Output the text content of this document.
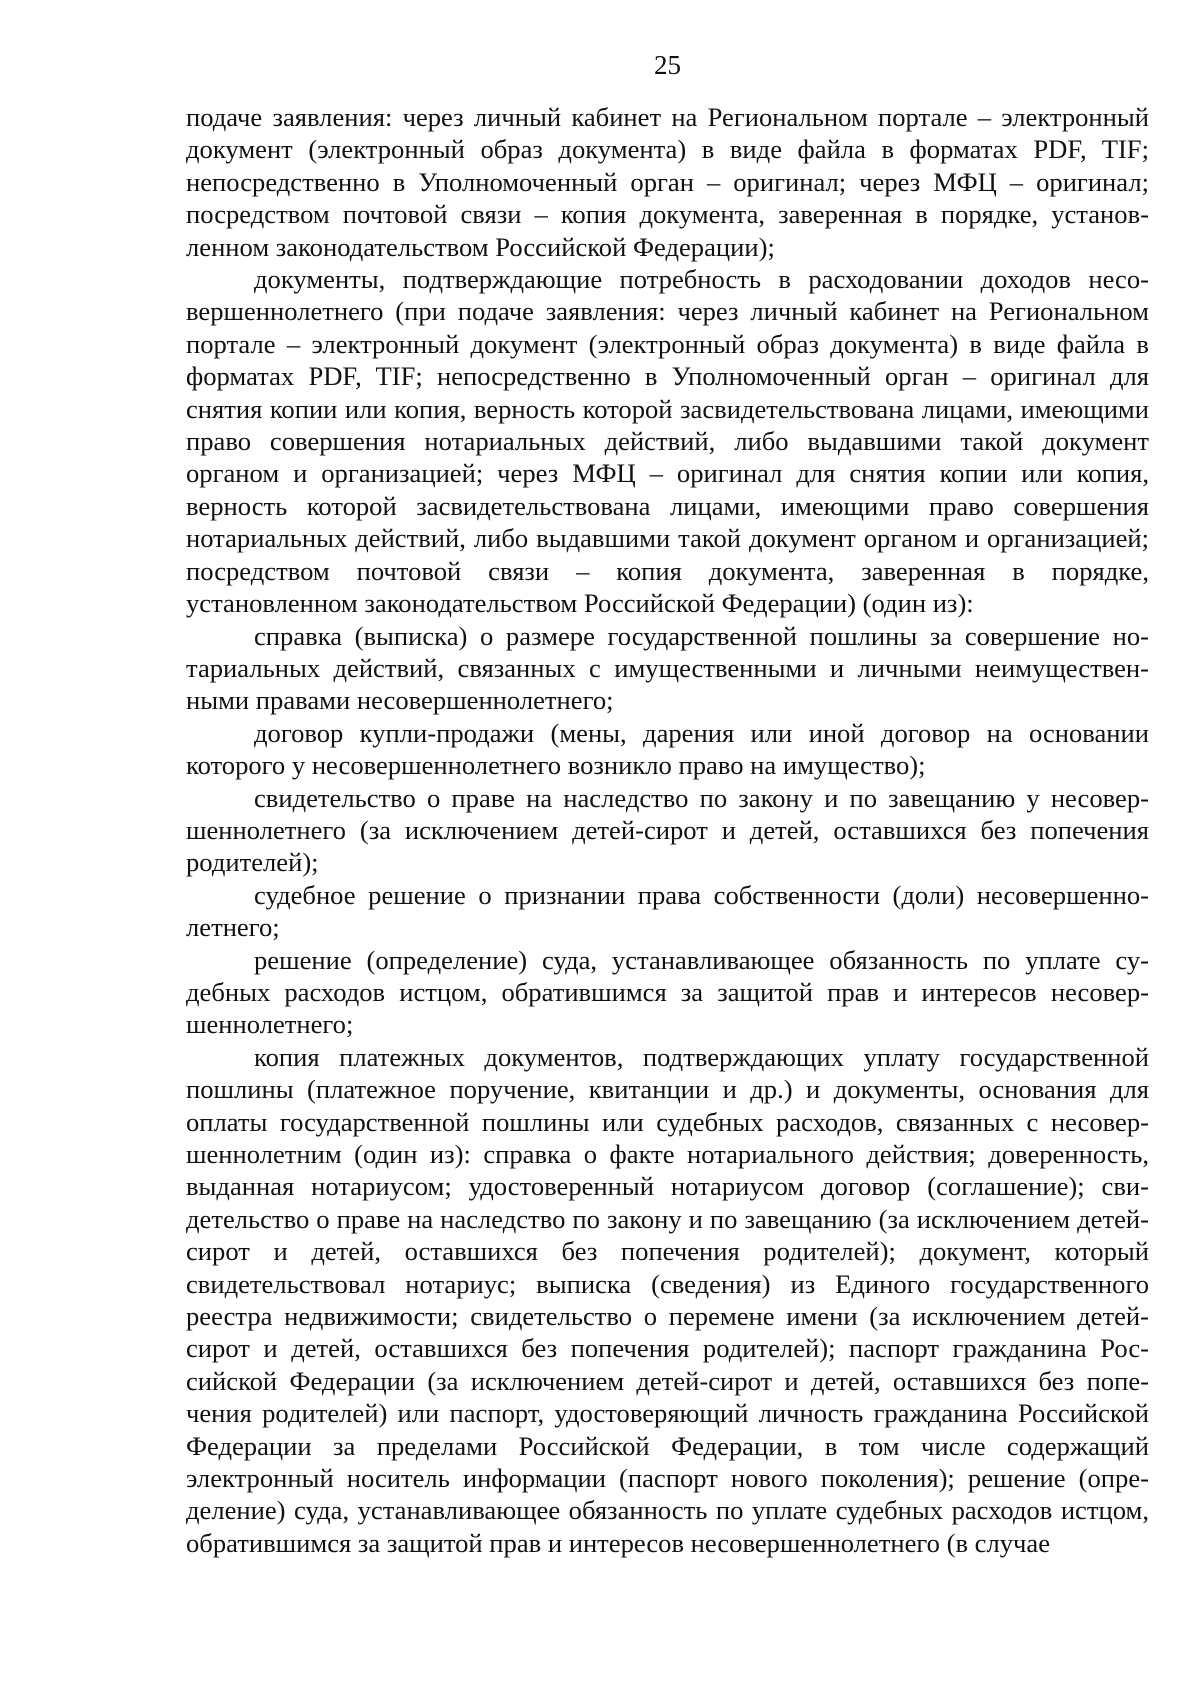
25

подаче заявления: через личный кабинет на Региональном портале – электронный документ (электронный образ документа) в виде файла в форматах PDF, TIF; непосредственно в Уполномоченный орган – оригинал; через МФЦ – оригинал; посредством почтовой связи – копия документа, заверенная в порядке, установленном законодательством Российской Федерации);

документы, подтверждающие потребность в расходовании доходов несовершеннолетнего (при подаче заявления: через личный кабинет на Региональном портале – электронный документ (электронный образ документа) в виде файла в форматах PDF, TIF; непосредственно в Уполномоченный орган – оригинал для снятия копии или копия, верность которой засвидетельствована лицами, имеющими право совершения нотариальных действий, либо выдавшими такой документ органом и организацией; через МФЦ – оригинал для снятия копии или копия, верность которой засвидетельствована лицами, имеющими право совершения нотариальных действий, либо выдавшими такой документ органом и организацией; посредством почтовой связи – копия документа, заверенная в порядке, установленном законодательством Российской Федерации) (один из):

справка (выписка) о размере государственной пошлины за совершение нотариальных действий, связанных с имущественными и личными неимущественными правами несовершеннолетнего;

договор купли-продажи (мены, дарения или иной договор на основании которого у несовершеннолетнего возникло право на имущество);

свидетельство о праве на наследство по закону и по завещанию у несовершеннолетнего (за исключением детей-сирот и детей, оставшихся без попечения родителей);

судебное решение о признании права собственности (доли) несовершеннолетнего;

решение (определение) суда, устанавливающее обязанность по уплате судебных расходов истцом, обратившимся за защитой прав и интересов несовершеннолетнего;

копия платежных документов, подтверждающих уплату государственной пошлины (платежное поручение, квитанции и др.) и документы, основания для оплаты государственной пошлины или судебных расходов, связанных с несовершеннолетним (один из): справка о факте нотариального действия; доверенность, выданная нотариусом; удостоверенный нотариусом договор (соглашение); свидетельство о праве на наследство по закону и по завещанию (за исключением детей-сирот и детей, оставшихся без попечения родителей); документ, который свидетельствовал нотариус; выписка (сведения) из Единого государственного реестра недвижимости; свидетельство о перемене имени (за исключением детей-сирот и детей, оставшихся без попечения родителей); паспорт гражданина Российской Федерации (за исключением детей-сирот и детей, оставшихся без попечения родителей) или паспорт, удостоверяющий личность гражданина Российской Федерации за пределами Российской Федерации, в том числе содержащий электронный носитель информации (паспорт нового поколения); решение (определение) суда, устанавливающее обязанность по уплате судебных расходов истцом, обратившимся за защитой прав и интересов несовершеннолетнего (в случае
